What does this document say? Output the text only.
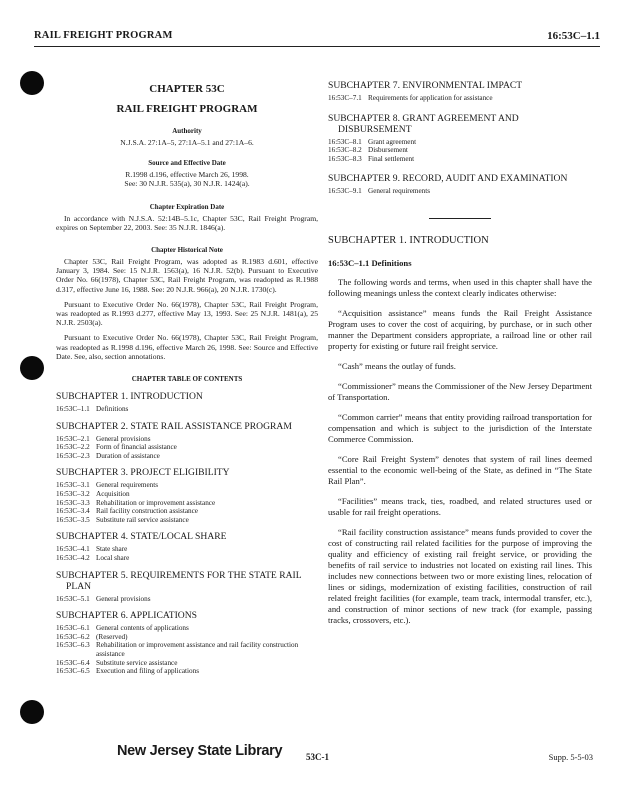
RAIL FREIGHT PROGRAM	16:53C–1.1
CHAPTER 53C
RAIL FREIGHT PROGRAM
Authority
N.J.S.A. 27:1A–5, 27:1A–5.1 and 27:1A–6.
Source and Effective Date
R.1998 d.196, effective March 26, 1998.
See: 30 N.J.R. 535(a), 30 N.J.R. 1424(a).
Chapter Expiration Date
In accordance with N.J.S.A. 52:14B–5.1c, Chapter 53C, Rail Freight Program, expires on September 22, 2003. See: 35 N.J.R. 1846(a).
Chapter Historical Note
Chapter 53C, Rail Freight Program, was adopted as R.1983 d.601, effective January 3, 1984. See: 15 N.J.R. 1563(a), 16 N.J.R. 52(b). Pursuant to Executive Order No. 66(1978), Chapter 53C, Rail Freight Program, was readopted as R.1988 d.317, effective June 16, 1988. See: 20 N.J.R. 966(a), 20 N.J.R. 1730(c).
Pursuant to Executive Order No. 66(1978), Chapter 53C, Rail Freight Program, was readopted as R.1993 d.277, effective May 13, 1993. See: 25 N.J.R. 1481(a), 25 N.J.R. 2503(a).
Pursuant to Executive Order No. 66(1978), Chapter 53C, Rail Freight Program, was readopted as R.1998 d.196, effective March 26, 1998. See: Source and Effective Date. See, also, section annotations.
CHAPTER TABLE OF CONTENTS
SUBCHAPTER 1. INTRODUCTION
16:53C–1.1 Definitions
SUBCHAPTER 2. STATE RAIL ASSISTANCE PROGRAM
16:53C–2.1 General provisions
16:53C–2.2 Form of financial assistance
16:53C–2.3 Duration of assistance
SUBCHAPTER 3. PROJECT ELIGIBILITY
16:53C–3.1 General requirements
16:53C–3.2 Acquisition
16:53C–3.3 Rehabilitation or improvement assistance
16:53C–3.4 Rail facility construction assistance
16:53C–3.5 Substitute rail service assistance
SUBCHAPTER 4. STATE/LOCAL SHARE
16:53C–4.1 State share
16:53C–4.2 Local share
SUBCHAPTER 5. REQUIREMENTS FOR THE STATE RAIL PLAN
16:53C–5.1 General provisions
SUBCHAPTER 6. APPLICATIONS
16:53C–6.1 General contents of applications
16:53C–6.2 (Reserved)
16:53C–6.3 Rehabilitation or improvement assistance and rail facility construction assistance
16:53C–6.4 Substitute service assistance
16:53C–6.5 Execution and filing of applications
SUBCHAPTER 7. ENVIRONMENTAL IMPACT
16:53C–7.1 Requirements for application for assistance
SUBCHAPTER 8. GRANT AGREEMENT AND DISBURSEMENT
16:53C–8.1 Grant agreement
16:53C–8.2 Disbursement
16:53C–8.3 Final settlement
SUBCHAPTER 9. RECORD, AUDIT AND EXAMINATION
16:53C–9.1 General requirements
SUBCHAPTER 1. INTRODUCTION
16:53C–1.1 Definitions
The following words and terms, when used in this chapter shall have the following meanings unless the context clearly indicates otherwise:
“Acquisition assistance” means funds the Rail Freight Assistance Program uses to cover the cost of acquiring, by purchase, or in such other manner the Department considers appropriate, a railroad line or other rail property for existing or future rail freight service.
“Cash” means the outlay of funds.
“Commissioner” means the Commissioner of the New Jersey Department of Transportation.
“Common carrier” means that entity providing railroad transportation for compensation and which is subject to the jurisdiction of the Interstate Commerce Commission.
“Core Rail Freight System” denotes that system of rail lines deemed essential to the economic well-being of the State, as defined in “The State Rail Plan”.
“Facilities” means track, ties, roadbed, and related structures used or usable for rail freight operations.
“Rail facility construction assistance” means funds provided to cover the cost of constructing rail related facilities for the purpose of improving the quality and efficiency of existing rail freight service, or providing the benefits of rail service to industries not located on existing rail lines. This includes new connections between two or more existing lines, relocation of lines or sidings, modernization of existing facilities, construction of rail related freight facilities (for example, team track, intermodal transfer, etc.), and construction of minor sections of new track (for example, passing tracks, crossovers, etc.).
New Jersey State Library	53C-1	Supp. 5-5-03
